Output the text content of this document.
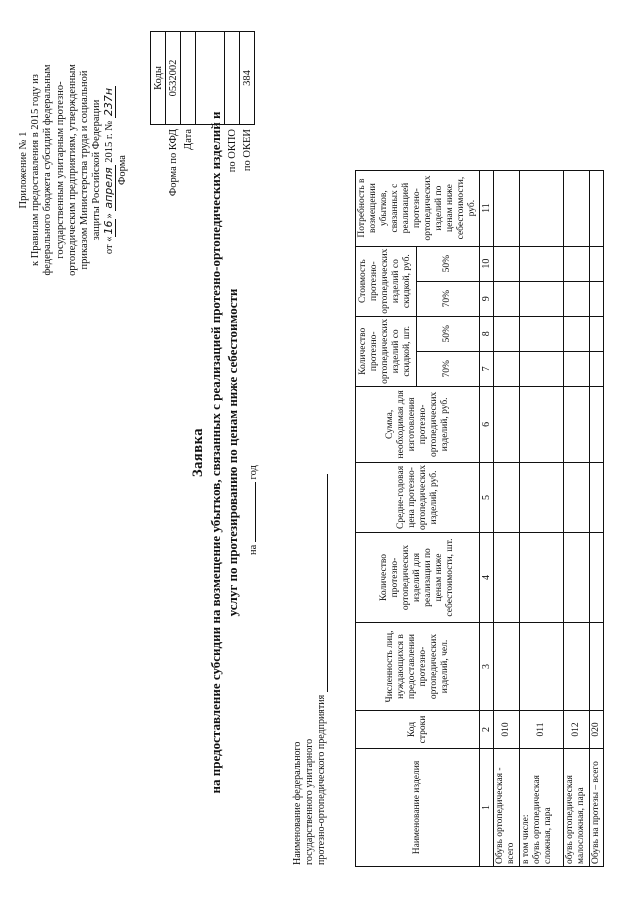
Приложение № 1 к Правилам предоставления в 2015 году из федерального бюджета субсидий федеральным государственным унитарным протезно- ортопедическим предприятиям, утвержденным приказом Министерства труда и социальной защиты Российской Федерации
от «16» апреля 2015 г. № 237н
Форма
	Коды
Форма по КФД	0532002
Дата	

по ОКПО	
по ОКЕИ	384
Заявка на предоставление субсидии на возмещение убытков, связанных с реализацией протезно-ортопедических изделий и услуг по протезированию по ценам ниже себестоимости на  год
Наименование федерального государственного унитарного протезно-ортопедического предприятия	Наименование изделия	Код строки	Численность лиц, нуждающихся в предоставлении протезно-ортопедических изделий, чел.	Количество протезно-ортопедических изделий для реализации по ценам ниже себестоимости, шт.	Средне-годовая цена протезно-ортопедических изделий, руб.	Сумма, необходимая для изготовления протезно-ортопедических изделий, руб.	Количество протезно-ортопедических изделий со скидкой, шт.		Стоимость протезно-ортопедических изделий со скидкой, руб.		Потребность в возмещении убытков, связанных с реализацией протезно-ортопедических изделий по ценам ниже себестоимости, руб.
						70%	50%	70%	50%	
1	2	3	4	5	6	7	8	9	10	11
Обувь ортопедическая - всего	010									
в том числе:
обувь ортопедическая сложная, пара	011									
обувь ортопедическая малосложная, пара	012									
Обувь на протезы – всего	020									
